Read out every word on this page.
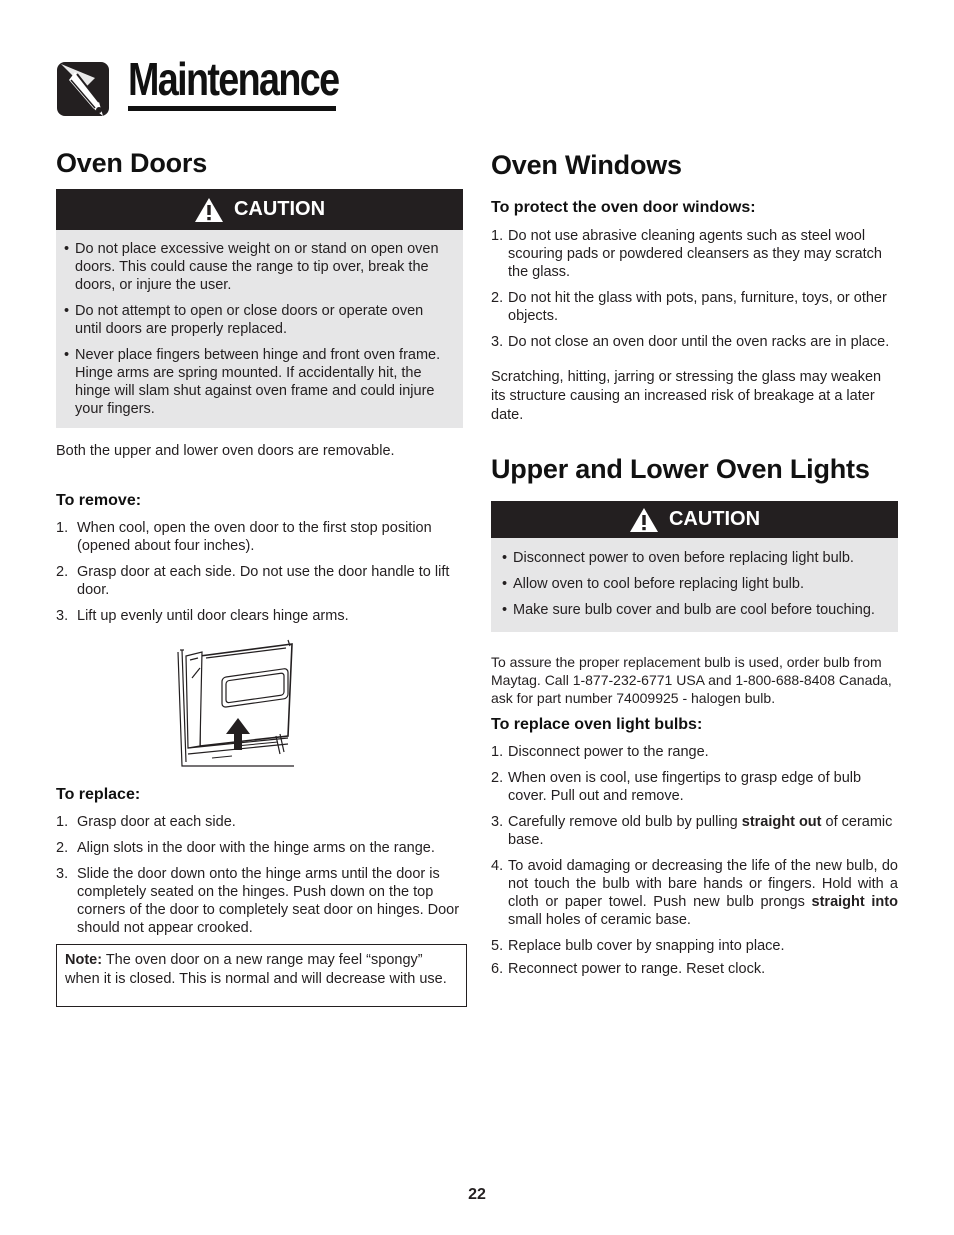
Maintenance
Oven Doors
CAUTION
• Do not place excessive weight on or stand on open oven doors. This could cause the range to tip over, break the doors, or injure the user.
• Do not attempt to open or close doors or operate oven until doors are properly replaced.
• Never place fingers between hinge and front oven frame. Hinge arms are spring mounted. If accidentally hit, the hinge will slam shut against oven frame and could injure your fingers.

Both the upper and lower oven doors are removable.

To remove:
1. When cool, open the oven door to the first stop position (opened about four inches).
2. Grasp door at each side. Do not use the door handle to lift door.
3. Lift up evenly until door clears hinge arms.
To replace:
1. Grasp door at each side.
2. Align slots in the door with the hinge arms on the range.
3. Slide the door down onto the hinge arms until the door is completely seated on the hinges. Push down on the top corners of the door to completely seat door on hinges. Door should not appear crooked.
Note: The oven door on a new range may feel “spongy” when it is closed. This is normal and will decrease with use.
Oven Windows
To protect the oven door windows:
1. Do not use abrasive cleaning agents such as steel wool scouring pads or powdered cleansers as they may scratch the glass.
2. Do not hit the glass with pots, pans, furniture, toys, or other objects.
3. Do not close an oven door until the oven racks are in place.

Scratching, hitting, jarring or stressing the glass may weaken its structure causing an increased risk of breakage at a later date.

Upper and Lower Oven Lights
CAUTION
• Disconnect power to oven before replacing light bulb.
• Allow oven to cool before replacing light bulb.
• Make sure bulb cover and bulb are cool before touching.

To assure the proper replacement bulb is used, order bulb from Maytag. Call 1-877-232-6771 USA and 1-800-688-8408 Canada, ask for part number 74009925 - halogen bulb.

To replace oven light bulbs:
1. Disconnect power to the range.
2. When oven is cool, use fingertips to grasp edge of bulb cover. Pull out and remove.
3. Carefully remove old bulb by pulling straight out of ceramic base.
4. To avoid damaging or decreasing the life of the new bulb, do not touch the bulb with bare hands or fingers. Hold with a cloth or paper towel. Push new bulb prongs straight into small holes of ceramic base.
5. Replace bulb cover by snapping into place.
6. Reconnect power to range. Reset clock.
22
